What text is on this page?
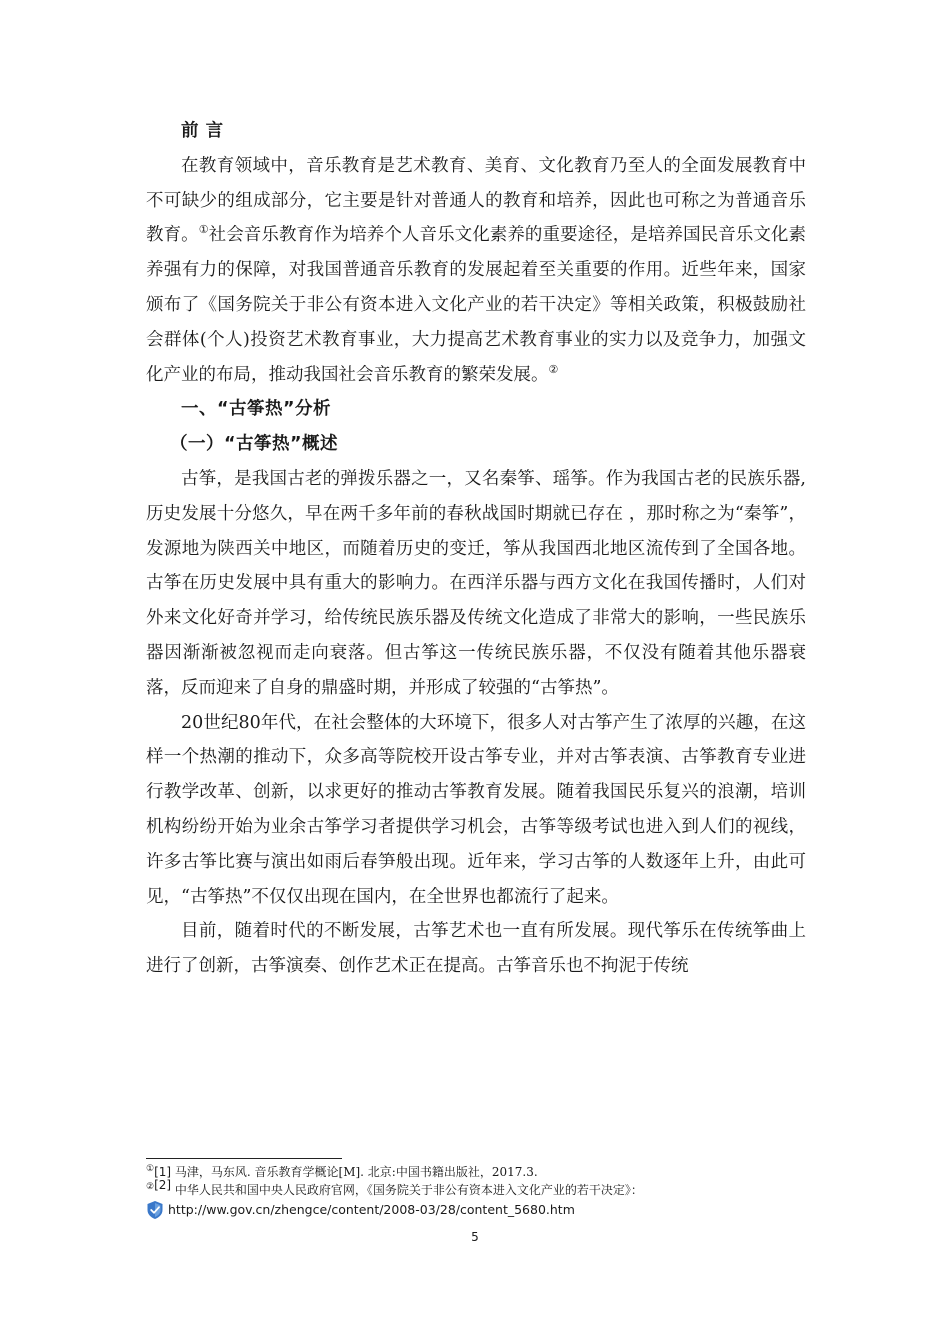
前 言

在教育领域中，音乐教育是艺术教育、美育、文化教育乃至人的全面发展教育中不可缺少的组成部分，它主要是针对普通人的教育和培养，因此也可称之为普通音乐教育。①社会音乐教育作为培养个人音乐文化素养的重要途径，是培养国民音乐文化素养强有力的保障，对我国普通音乐教育的发展起着至关重要的作用。近些年来，国家颁布了《国务院关于非公有资本进入文化产业的若干决定》等相关政策，积极鼓励社会群体(个人)投资艺术教育事业，大力提高艺术教育事业的实力以及竞争力，加强文化产业的布局，推动我国社会音乐教育的繁荣发展。②

一、“古筝热”分析

（一）“古筝热”概述

古筝，是我国古老的弹拨乐器之一，又名秦筝、瑶筝。作为我国古老的民族乐器,历史发展十分悠久，早在两千多年前的春秋战国时期就已存在 ，那时称之为“秦筝”，发源地为陕西关中地区，而随着历史的变迁，筝从我国西北地区流传到了全国各地。古筝在历史发展中具有重大的影响力。在西洋乐器与西方文化在我国传播时，人们对外来文化好奇并学习，给传统民族乐器及传统文化造成了非常大的影响，一些民族乐器因渐渐被忽视而走向衰落。但古筝这一传统民族乐器，不仅没有随着其他乐器衰落，反而迎来了自身的鼎盛时期，并形成了较强的“古筝热”。

20世纪80年代，在社会整体的大环境下，很多人对古筝产生了浓厚的兴趣，在这样一个热潮的推动下，众多高等院校开设古筝专业，并对古筝表演、古筝教育专业进行教学改革、创新，以求更好的推动古筝教育发展。随着我国民乐复兴的浪潮，培训机构纷纷开始为业余古筝学习者提供学习机会，古筝等级考试也进入到人们的视线，许多古筝比赛与演出如雨后春笋般出现。近年来，学习古筝的人数逐年上升，由此可见，“古筝热”不仅仅出现在国内，在全世界也都流行了起来。

目前，随着时代的不断发展，古筝艺术也一直有所发展。现代筝乐在传统筝曲上进行了创新，古筝演奏、创作艺术正在提高。古筝音乐也不拘泥于传统

①[1] 马津，马东风. 音乐教育学概论[M]. 北京:中国书籍出版社，2017.3.
②[2] 中华人民共和国中央人民政府官网，《国务院关于非公有资本进入文化产业的若干决定》：
http://ww.gov.cn/zhengce/content/2008-03/28/content_5680.htm
5
